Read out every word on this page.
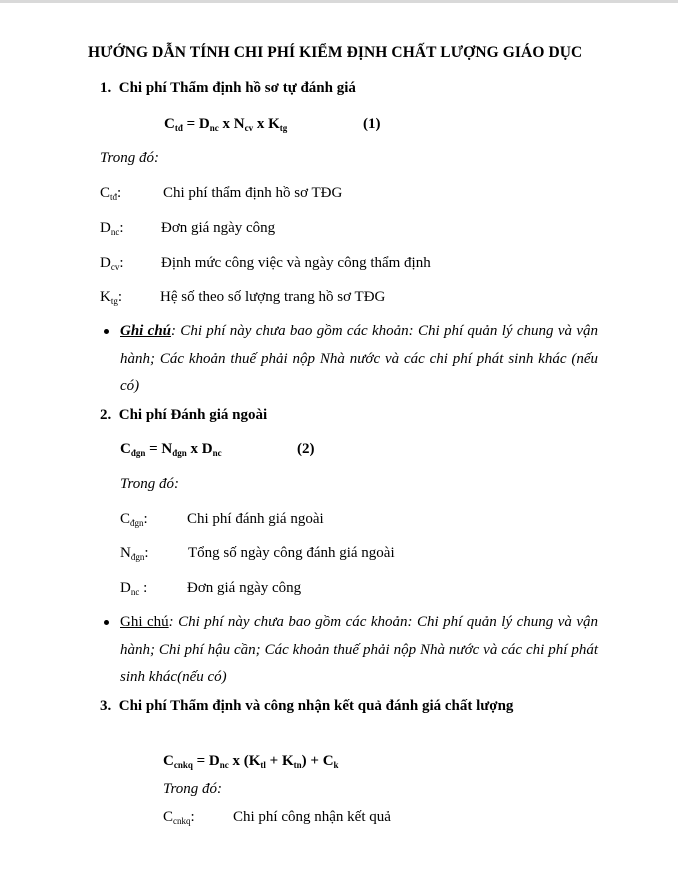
HƯỚNG DẪN TÍNH CHI PHÍ KIỂM ĐỊNH CHẤT LƯỢNG GIÁO DỤC
1. Chi phí Thẩm định hồ sơ tự đánh giá
$C_{tđ} = D_{nc}$ x $N_{cv}$ x $K_{tg}$	(1)
Trong đó:
$C_{tđ}$:	Chi phí thẩm định hồ sơ TĐG
$D_{nc}$: Đơn giá ngày công
$D_{cv}$: Định mức công việc và ngày công thẩm định
$K_{tg}$:	Hệ số theo số lượng trang hồ sơ TĐG
Ghi chú: Chi phí này chưa bao gồm các khoản: Chi phí quản lý chung và vận hành; Các khoản thuế phải nộp Nhà nước và các chi phí phát sinh khác (nếu có)
2. Chi phí Đánh giá ngoài
$C_{đgn} = N_{đgn}$ x $D_{nc}$	(2)
Trong đó:
$C_{đgn}$:	Chi phí đánh giá ngoài
$N_{đgn}$:	Tổng số ngày công đánh giá ngoài
$D_{nc}$ :	Đơn giá ngày công
Ghi chú: Chi phí này chưa bao gồm các khoản: Chi phí quản lý chung và vận hành; Chi phí hậu cần; Các khoản thuế phải nộp Nhà nước và các chi phí phát sinh khác(nếu có)
3. Chi phí Thẩm định và công nhận kết quả đánh giá chất lượng
$C_{cnkq} = D_{nc}$ x $(K_{tl} + K_{tn}) + C_k$
Trong đó:
$C_{cnkq}$:	Chi phí công nhận kết quả
